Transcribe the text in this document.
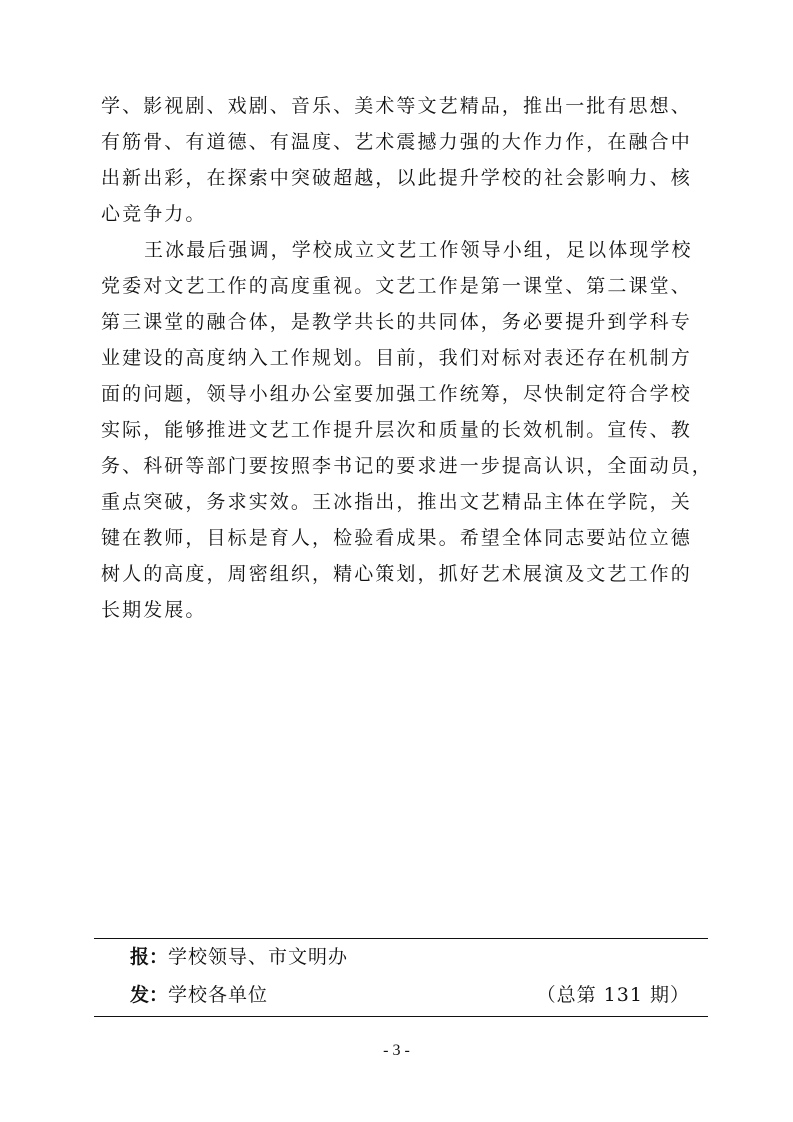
学、影视剧、戏剧、音乐、美术等文艺精品，推出一批有思想、
有筋骨、有道德、有温度、艺术震撼力强的大作力作，在融合中
出新出彩，在探索中突破超越，以此提升学校的社会影响力、核
心竞争力。
王冰最后强调，学校成立文艺工作领导小组，足以体现学校
党委对文艺工作的高度重视。文艺工作是第一课堂、第二课堂、
第三课堂的融合体，是教学共长的共同体，务必要提升到学科专
业建设的高度纳入工作规划。目前，我们对标对表还存在机制方
面的问题，领导小组办公室要加强工作统筹，尽快制定符合学校
实际，能够推进文艺工作提升层次和质量的长效机制。宣传、教
务、科研等部门要按照李书记的要求进一步提高认识，全面动员，
重点突破，务求实效。王冰指出，推出文艺精品主体在学院，关
键在教师，目标是育人，检验看成果。希望全体同志要站位立德
树人的高度，周密组织，精心策划，抓好艺术展演及文艺工作的
长期发展。
报：学校领导、市文明办
发：学校各单位	（总第 131 期）
- 3 -
